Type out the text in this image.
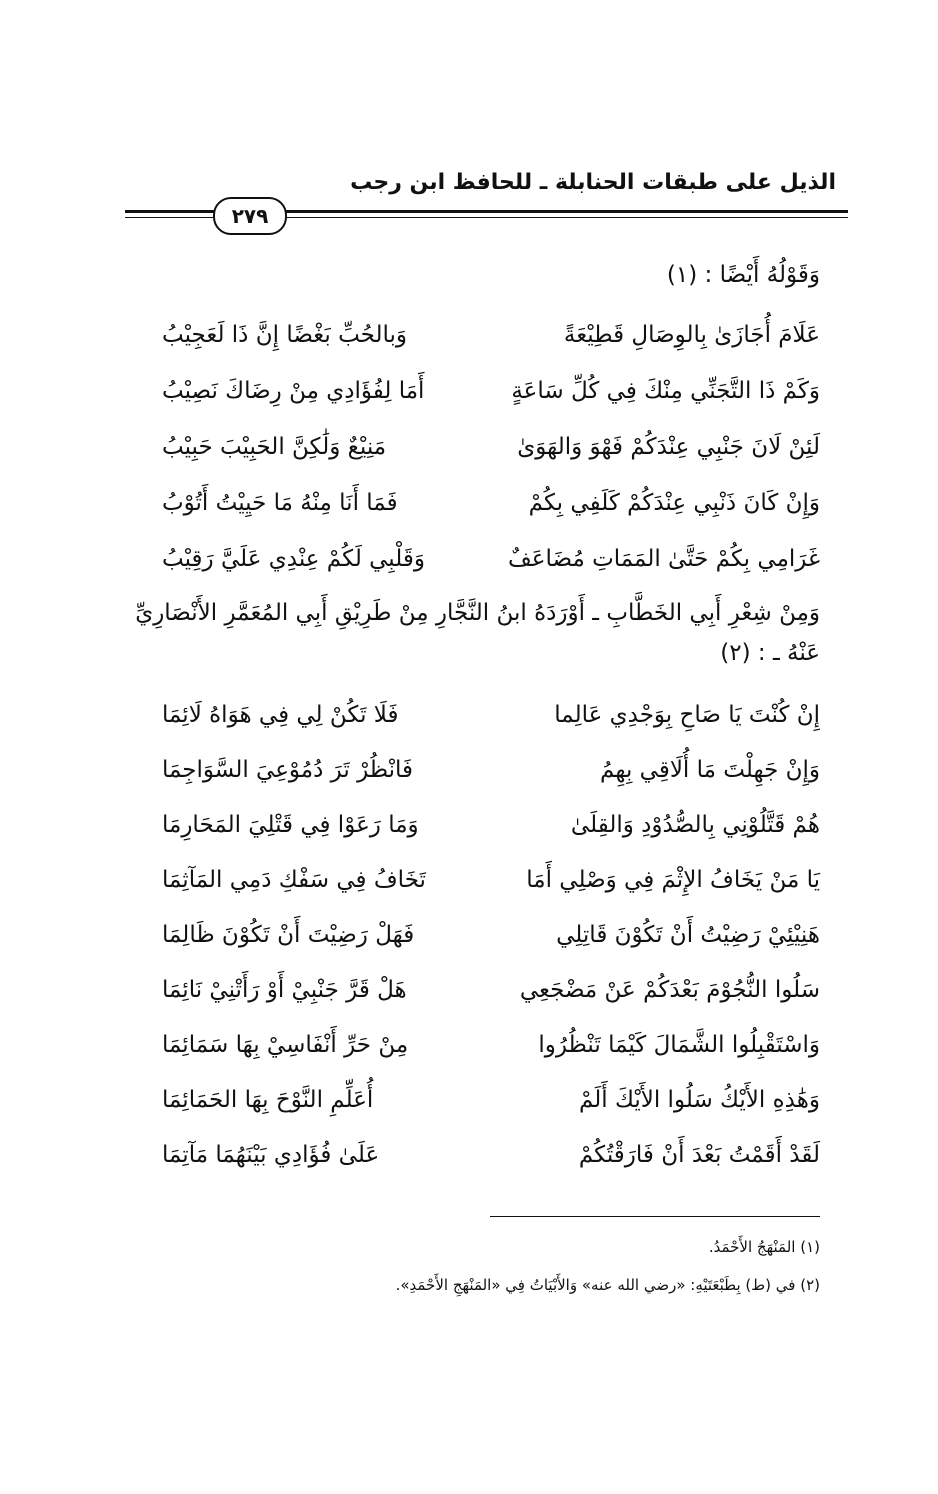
الذيل على طبقات الحنابلة ـ للحافظ ابن رجب
٢٧٩
وَقَوْلُهُ أَيْضًا : (١)
عَلَامَ أُجَازَىٰ بِالوِصَالِ قَطِيْعَةً
وَبالحُبِّ بَغْضًا إِنَّ ذَا لَعَجِيْبُ
وَكَمْ ذَا التَّجَنِّي مِنْكَ فِي كُلِّ سَاعَةٍ
أَمَا لِفُؤَادِي مِنْ رِضَاكَ نَصِيْبُ
لَئِنْ لَانَ جَنْبِي عِنْدَكُمْ فَهْوَ وَالهَوَىٰ
مَنِيْعٌ وَلَٰكِنَّ الحَبِيْبَ حَبِيْبُ
وَإِنْ كَانَ ذَنْبِي عِنْدَكُمْ كَلَفِي بِكُمْ
فَمَا أَنَا مِنْهُ مَا حَيِيْتُ أَتُوْبُ
غَرَامِي بِكُمْ حَتَّىٰ المَمَاتِ مُضَاعَفٌ
وَقَلْبِي لَكُمْ عِنْدِي عَلَيَّ رَقِيْبُ
وَمِنْ شِعْرِ أَبِي الخَطَّابِ ـ أَوْرَدَهُ ابنُ النَّجَّارِ مِنْ طَرِيْقِ أَبِي المُعَمَّرِ الأَنْصَارِيِّ
عَنْهُ ـ : (٢)
إِنْ كُنْتَ يَا صَاحِ بِوَجْدِي عَالِما
فَلَا تَكُنْ لِي فِي هَوَاهُ لَائِمَا
وَإِنْ جَهِلْتَ مَا أُلَاقِي بِهِمُ
فَانْظُرْ تَرَ دُمُوْعِيَ السَّوَاجِمَا
هُمْ قَتَّلُوْنِي بِالصُّدُوْدِ وَالقِلَىٰ
وَمَا رَعَوْا فِي قَتْلِيَ المَحَارِمَا
يَا مَنْ يَخَافُ الإِثْمَ فِي وَصْلِي أَمَا
تَخَافُ فِي سَفْكِ دَمِي المَآثِمَا
هَنِيْئِيْ رَضِيْتُ أَنْ تَكُوْنَ قَاتِلِي
فَهَلْ رَضِيْتَ أَنْ تَكُوْنَ ظَالِمَا
سَلُوا النُّجُوْمَ بَعْدَكُمْ عَنْ مَضْجَعِي
هَلْ قَرَّ جَنْبِيْ أَوْ رَأَتْنِيْ نَائِمَا
وَاسْتَقْبِلُوا الشَّمَالَ كَيْمَا تَنْظُرُوا
مِنْ حَرِّ أَنْفَاسِيْ بِهَا سَمَائِمَا
وَهَٰذِهِ الأَيْكُ سَلُوا الأَيْكَ أَلَمْ
أُعَلِّمِ النَّوْحَ بِهَا الحَمَائِمَا
لَقَدْ أَقَمْتُ بَعْدَ أَنْ فَارَقْتُكُمْ
عَلَىٰ فُؤَادِي بَيْنَهُمَا مَآتِمَا
(١) المَنْهَجُ الأَحْمَدُ.
(٢) في (ط) بِطَبْعَتَيْهِ: «رضي الله عنه» وَالأَبْيَاتُ فِي «المَنْهَجِ الأَحْمَدِ».
